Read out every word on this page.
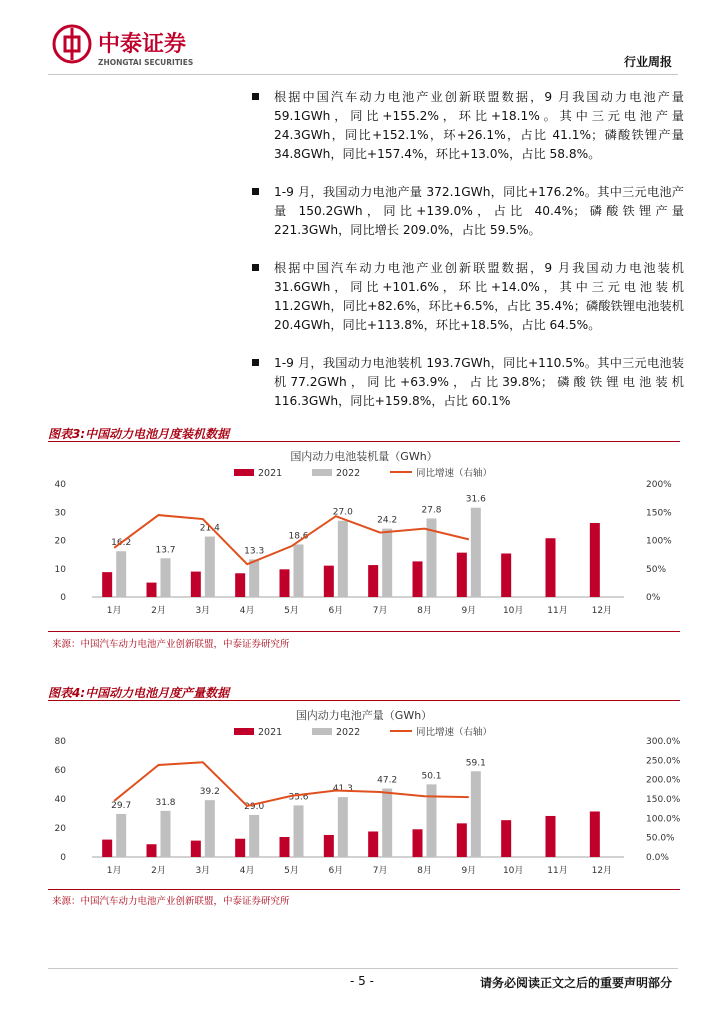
中泰证券
ZHONGTAI SECURITIES	行业周报
根据中国汽车动力电池产业创新联盟数据，9 月我国动力电池产量 59.1GWh，同比+155.2%，环比+18.1%。其中三元电池产量 24.3GWh，同比+152.1%，环+26.1%，占比 41.1%；磷酸铁锂产量 34.8GWh，同比+157.4%，环比+13.0%，占比 58.8%。
1-9 月，我国动力电池产量 372.1GWh，同比+176.2%。其中三元电池产量 150.2GWh，同比+139.0%，占比 40.4%；磷酸铁锂产量 221.3GWh，同比增长 209.0%，占比 59.5%。
根据中国汽车动力电池产业创新联盟数据，9 月我国动力电池装机 31.6GWh，同比+101.6%，环比+14.0%，其中三元电池装机 11.2GWh，同比+82.6%，环比+6.5%，占比 35.4%；磷酸铁锂电池装机 20.4GWh，同比+113.8%，环比+18.5%，占比 64.5%。
1-9 月，我国动力电池装机 193.7GWh，同比+110.5%。其中三元电池装机77.2GWh，同比+63.9%，占比39.8%；磷酸铁锂电池装机116.3GWh，同比+159.8%，占比 60.1%
图表3:中国动力电池月度装机数据
国内动力电池装机量（GWh）
2021	2022	同比增速（右轴）
0
10
20
30
40
0%
50%
100%
150%
200%
1月	2月	3月	4月	5月	6月	7月	8月	9月	10月	11月	12月
16.2
13.7
21.4
13.3
18.6
27.0
24.2
27.8
31.6
来源：中国汽车动力电池产业创新联盟，中泰证券研究所
图表4:中国动力电池月度产量数据
国内动力电池产量（GWh）
2021	2022	同比增速（右轴）
0
20
40
60
80
0.0%
50.0%
100.0%
150.0%
200.0%
250.0%
300.0%
1月	2月	3月	4月	5月	6月	7月	8月	9月	10月	11月	12月
29.7	31.8
39.2
29.0
35.6
41.3
47.2	50.1
59.1
来源：中国汽车动力电池产业创新联盟，中泰证券研究所
- 5 -	请务必阅读正文之后的重要声明部分
